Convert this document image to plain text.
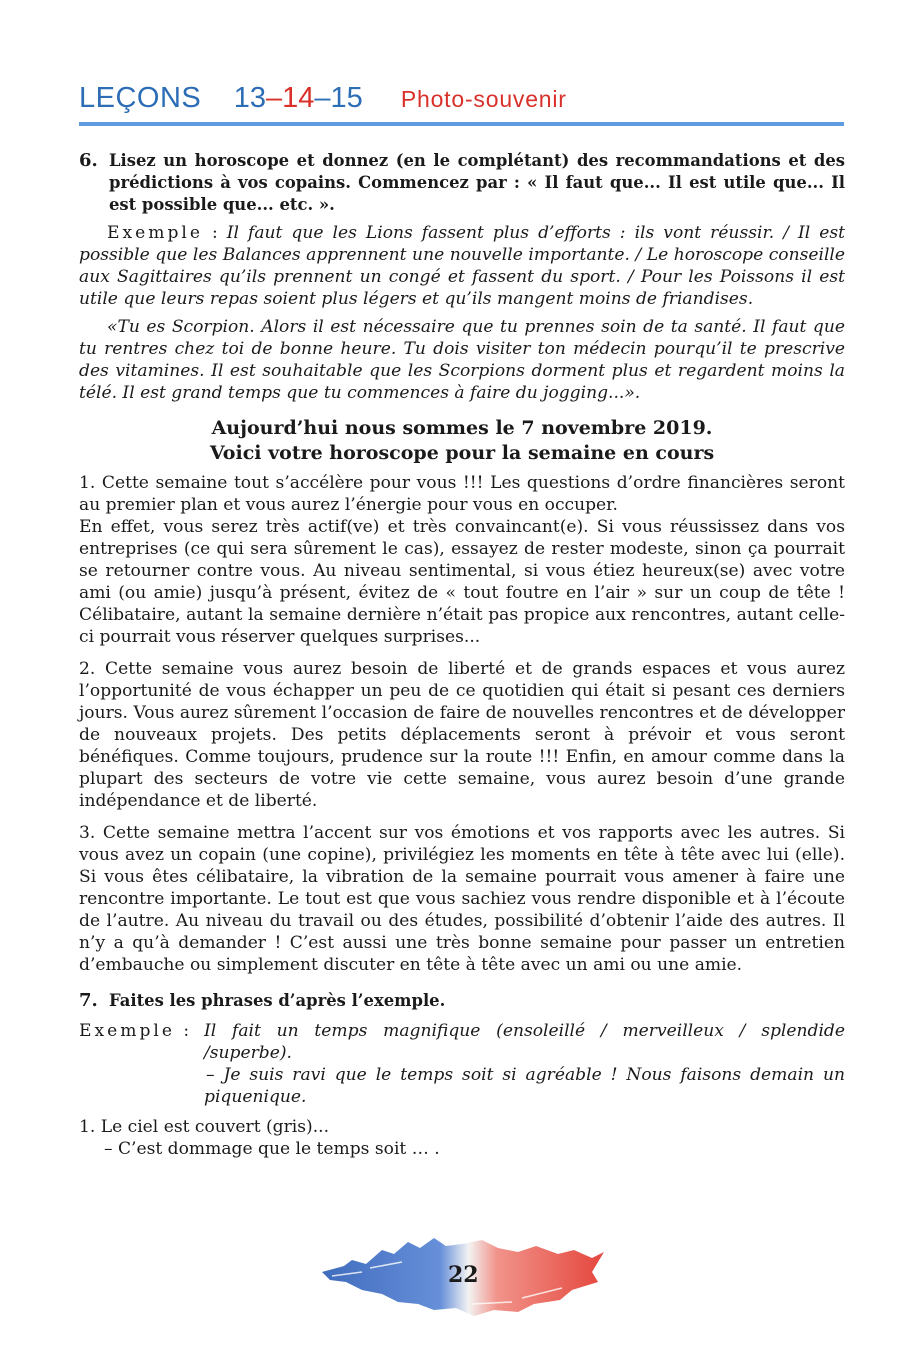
LEÇONS 13–14–15 Photo-souvenir
6. Lisez un horoscope et donnez (en le complétant) des recommandations et des prédictions à vos copains. Commencez par : « Il faut que... Il est utile que... Il est possible que... etc. ».

Exemple : Il faut que les Lions fassent plus d’efforts : ils vont réussir. / Il est possible que les Balances apprennent une nouvelle importante. / Le horoscope conseille aux Sagittaires qu’ils prennent un congé et fassent du sport. / Pour les Poissons il est utile que leurs repas soient plus légers et qu’ils mangent moins de friandises.

«Tu es Scorpion. Alors il est nécessaire que tu prennes soin de ta santé. Il faut que tu rentres chez toi de bonne heure. Tu dois visiter ton médecin pourqu’il te prescrive des vitamines. Il est souhaitable que les Scorpions dorment plus et regardent moins la télé. Il est grand temps que tu commences à faire du jogging...».

Aujourd’hui nous sommes le 7 novembre 2019.
Voici votre horoscope pour la semaine en cours

1. Cette semaine tout s’accélère pour vous !!! Les questions d’ordre financières seront au premier plan et vous aurez l’énergie pour vous en occuper.

En effet, vous serez très actif(ve) et très convaincant(e). Si vous réussissez dans vos entreprises (ce qui sera sûrement le cas), essayez de rester modeste, sinon ça pourrait se retourner contre vous. Au niveau sentimental, si vous étiez heureux(se) avec votre ami (ou amie) jusqu’à présent, évitez de « tout foutre en l’air » sur un coup de tête ! Célibataire, autant la semaine dernière n’était pas propice aux rencontres, autant celle-ci pourrait vous réserver quelques surprises...

2. Cette semaine vous aurez besoin de liberté et de grands espaces et vous aurez l’opportunité de vous échapper un peu de ce quotidien qui était si pesant ces derniers jours. Vous aurez sûrement l’occasion de faire de nouvelles rencontres et de développer de nouveaux projets. Des petits déplacements seront à prévoir et vous seront bénéfiques. Comme toujours, prudence sur la route !!! Enfin, en amour comme dans la plupart des secteurs de votre vie cette semaine, vous aurez besoin d’une grande indépendance et de liberté.

3. Cette semaine mettra l’accent sur vos émotions et vos rapports avec les autres. Si vous avez un copain (une copine), privilégiez les moments en tête à tête avec lui (elle). Si vous êtes célibataire, la vibration de la semaine pourrait vous amener à faire une rencontre importante. Le tout est que vous sachiez vous rendre disponible et à l’écoute de l’autre. Au niveau du travail ou des études, possibilité d’obtenir l’aide des autres. Il n’y a qu’à demander ! C’est aussi une très bonne semaine pour passer un entretien d’embauche ou simplement discuter en tête à tête avec un ami ou une amie.

7. Faites les phrases d’après l’exemple.
Exemple : Il fait un temps magnifique (ensoleillé / merveilleux / splendide /superbe).
– Je suis ravi que le temps soit si agréable ! Nous faisons demain un piquenique.
1. Le ciel est couvert (gris)...
– C’est dommage que le temps soit … .
22
